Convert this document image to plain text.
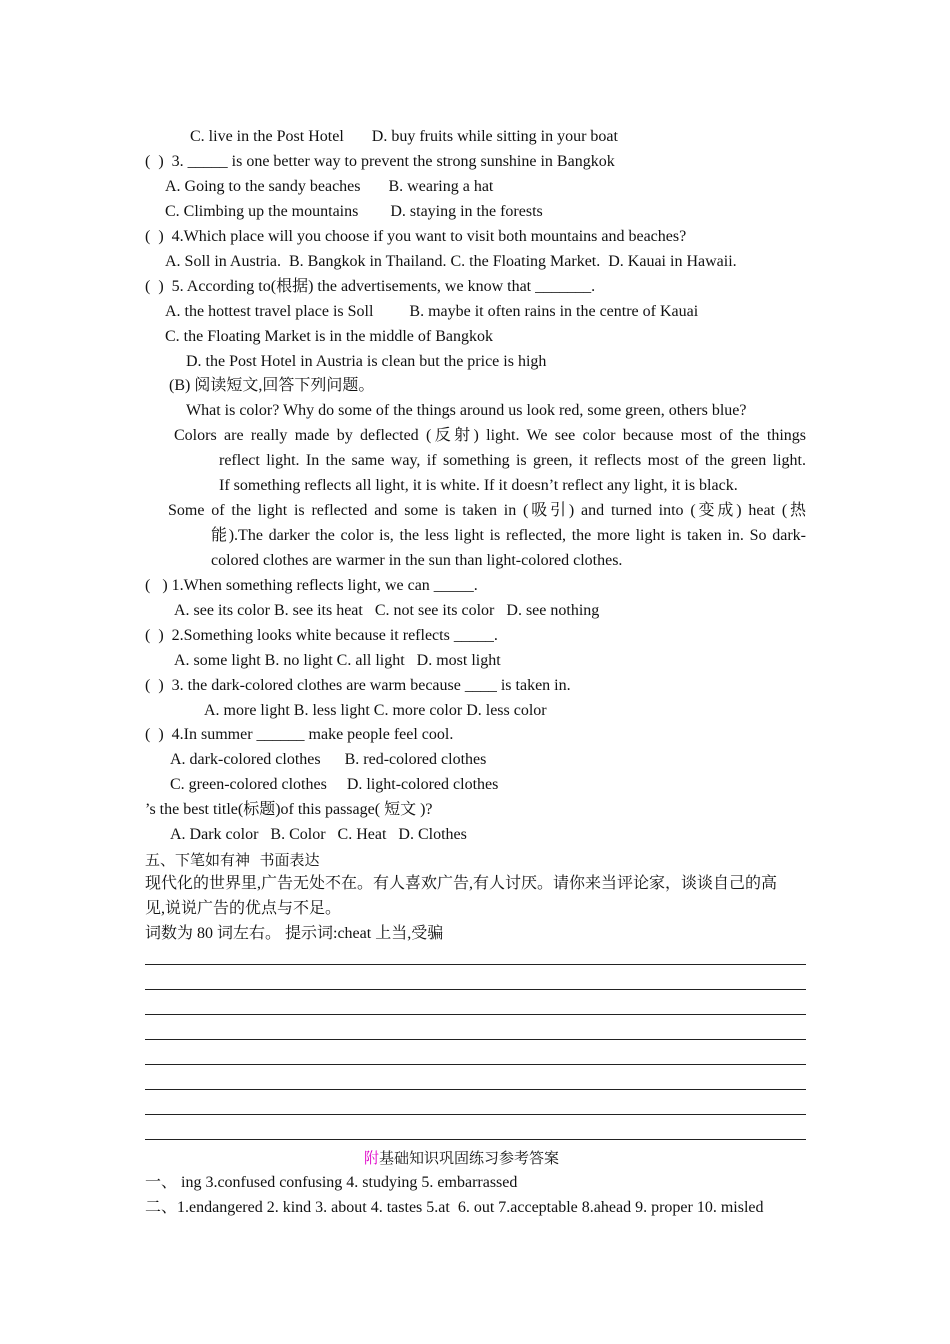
C. live in the Post Hotel       D. buy fruits while sitting in your boat
(  )  3. _____ is one better way to prevent the strong sunshine in Bangkok
A. Going to the sandy beaches       B. wearing a hat
C. Climbing up the mountains        D. staying in the forests
(  )  4.Which place will you choose if you want to visit both mountains and beaches?
A. Soll in Austria.  B. Bangkok in Thailand. C. the Floating Market.  D. Kauai in Hawaii.
(  )  5. According to(根据) the advertisements, we know that _______.
A. the hottest travel place is Soll         B. maybe it often rains in the centre of Kauai
C. the Floating Market is in the middle of Bangkok
D. the Post Hotel in Austria is clean but the price is high
(B) 阅读短文,回答下列问题。
What is color? Why do some of the things around us look red, some green, others blue?
Colors are really made by deflected (反射) light. We see color because most of the things
reflect light. In the same way, if something is green, it reflects most of the green light.
If something reflects all light, it is white. If it doesn’t reflect any light, it is black.
Some of the light is reflected and some is taken in (吸引) and turned into (变成) heat (热
能).The darker the color is, the less light is reflected, the more light is taken in. So dark-
colored clothes are warmer in the sun than light-colored clothes.
(   ) 1.When something reflects light, we can _____.
A. see its color B. see its heat   C. not see its color   D. see nothing
(  )  2.Something looks white because it reflects _____.
A. some light B. no light C. all light   D. most light
(  )  3. the dark-colored clothes are warm because ____ is taken in.
A. more light B. less light C. more color D. less color
(  )  4.In summer ______ make people feel cool.
A. dark-colored clothes      B. red-colored clothes
C. green-colored clothes     D. light-colored clothes
’s the best title(标题)of this passage( 短文 )?
A. Dark color   B. Color   C. Heat   D. Clothes
五、下笔如有神  书面表达
现代化的世界里,广告无处不在。有人喜欢广告,有人讨厌。请你来当评论家，谈谈自己的高
见,说说广告的优点与不足。
词数为 80 词左右。 提示词:cheat 上当,受骗
附基础知识巩固练习参考答案
一、 ing 3.confused confusing 4. studying 5. embarrassed
二、1.endangered 2. kind 3. about 4. tastes 5.at  6. out 7.acceptable 8.ahead 9. proper 10. misled
